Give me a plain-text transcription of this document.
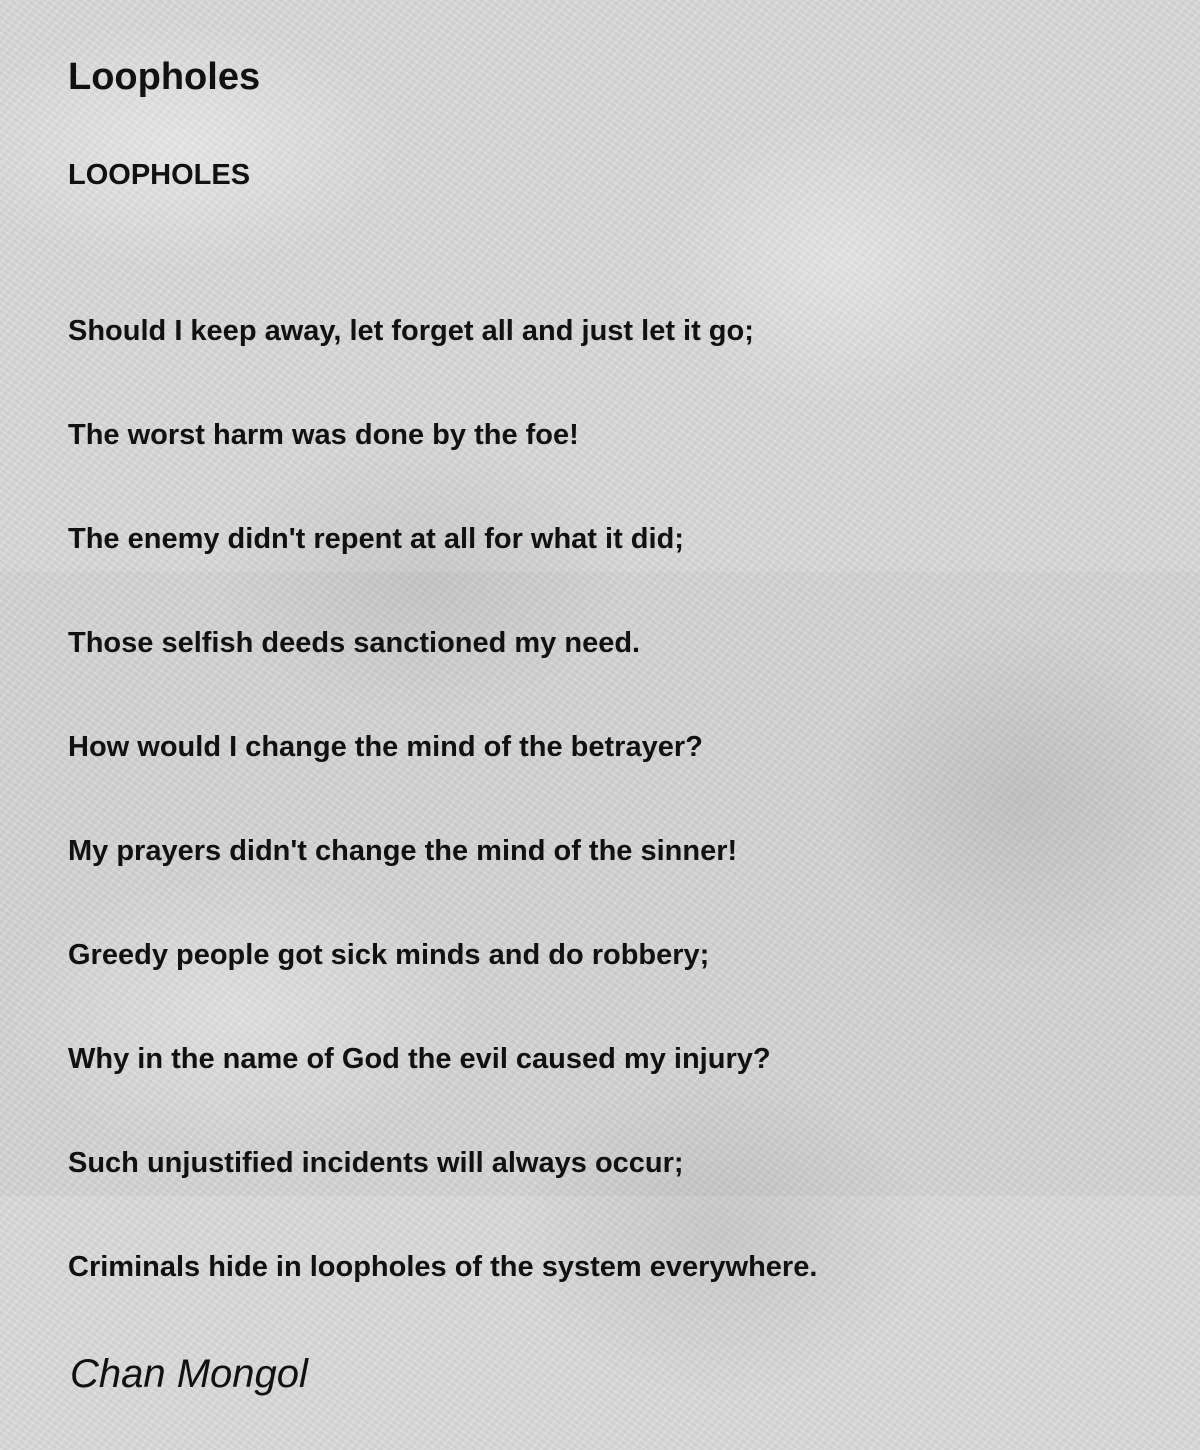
Loopholes
LOOPHOLES
Should I keep away, let forget all and just let it go;
The worst harm was done by the foe!
The enemy didn't repent at all for what it did;
Those selfish deeds sanctioned my need.
How would I change the mind of the betrayer?
My prayers didn't change the mind of the sinner!
Greedy people got sick minds and do robbery;
Why in the name of God the evil caused my injury?
Such unjustified incidents will always occur;
Criminals hide in loopholes of the system everywhere.
Chan Mongol
